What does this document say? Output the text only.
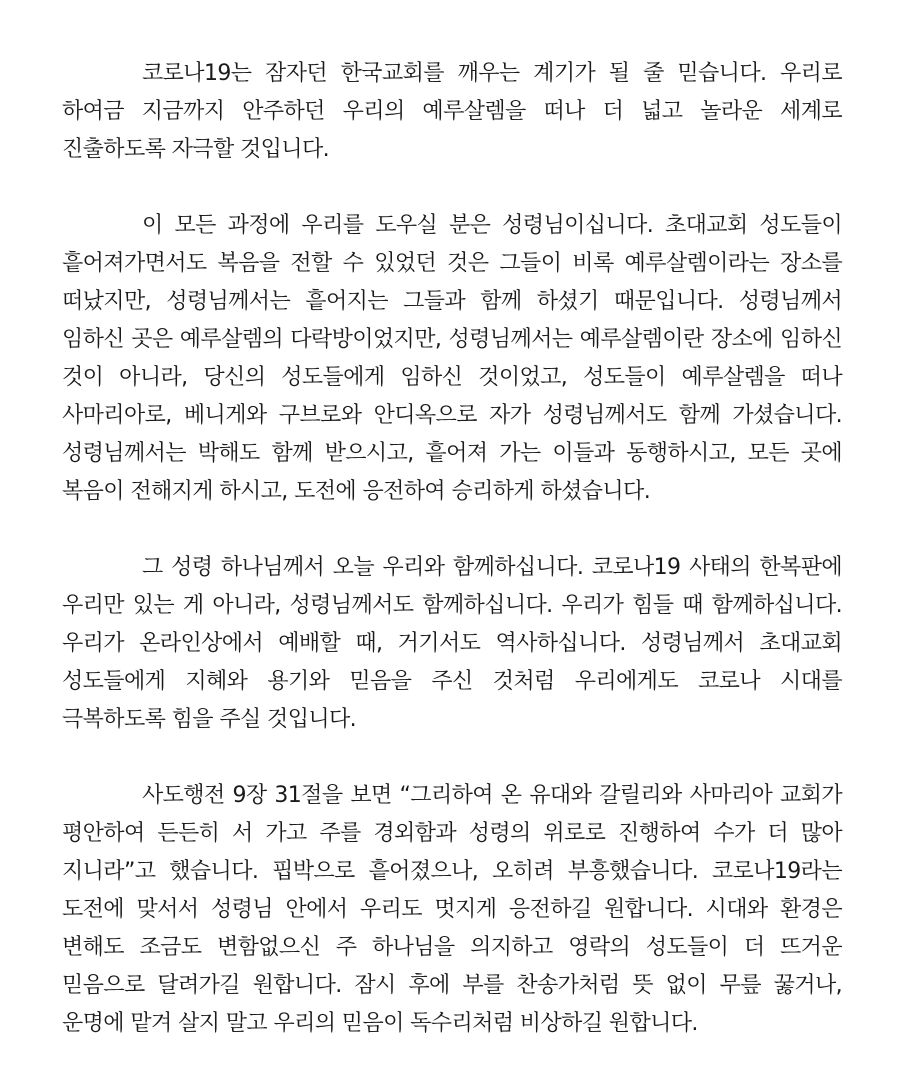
코로나19는 잠자던 한국교회를 깨우는 계기가 될 줄 믿습니다. 우리로 하여금 지금까지 안주하던 우리의 예루살렘을 떠나 더 넓고 놀라운 세계로 진출하도록 자극할 것입니다.

이 모든 과정에 우리를 도우실 분은 성령님이십니다. 초대교회 성도들이 흩어져가면서도 복음을 전할 수 있었던 것은 그들이 비록 예루살렘이라는 장소를 떠났지만, 성령님께서는 흩어지는 그들과 함께 하셨기 때문입니다. 성령님께서 임하신 곳은 예루살렘의 다락방이었지만, 성령님께서는 예루살렘이란 장소에 임하신 것이 아니라, 당신의 성도들에게 임하신 것이었고, 성도들이 예루살렘을 떠나 사마리아로, 베니게와 구브로와 안디옥으로 자가 성령님께서도 함께 가셨습니다. 성령님께서는 박해도 함께 받으시고, 흩어져 가는 이들과 동행하시고, 모든 곳에 복음이 전해지게 하시고, 도전에 응전하여 승리하게 하셨습니다.

그 성령 하나님께서 오늘 우리와 함께하십니다. 코로나19 사태의 한복판에 우리만 있는 게 아니라, 성령님께서도 함께하십니다. 우리가 힘들 때 함께하십니다. 우리가 온라인상에서 예배할 때, 거기서도 역사하십니다. 성령님께서 초대교회 성도들에게 지혜와 용기와 믿음을 주신 것처럼 우리에게도 코로나 시대를 극복하도록 힘을 주실 것입니다.

사도행전 9장 31절을 보면 “그리하여 온 유대와 갈릴리와 사마리아 교회가 평안하여 든든히 서 가고 주를 경외함과 성령의 위로로 진행하여 수가 더 많아 지니라”고 했습니다. 핍박으로 흩어졌으나, 오히려 부흥했습니다. 코로나19라는 도전에 맞서서 성령님 안에서 우리도 멋지게 응전하길 원합니다. 시대와 환경은 변해도 조금도 변함없으신 주 하나님을 의지하고 영락의 성도들이 더 뜨거운 믿음으로 달려가길 원합니다. 잠시 후에 부를 찬송가처럼 뜻 없이 무릎 꿇거나, 운명에 맡겨 살지 말고 우리의 믿음이 독수리처럼 비상하길 원합니다.
